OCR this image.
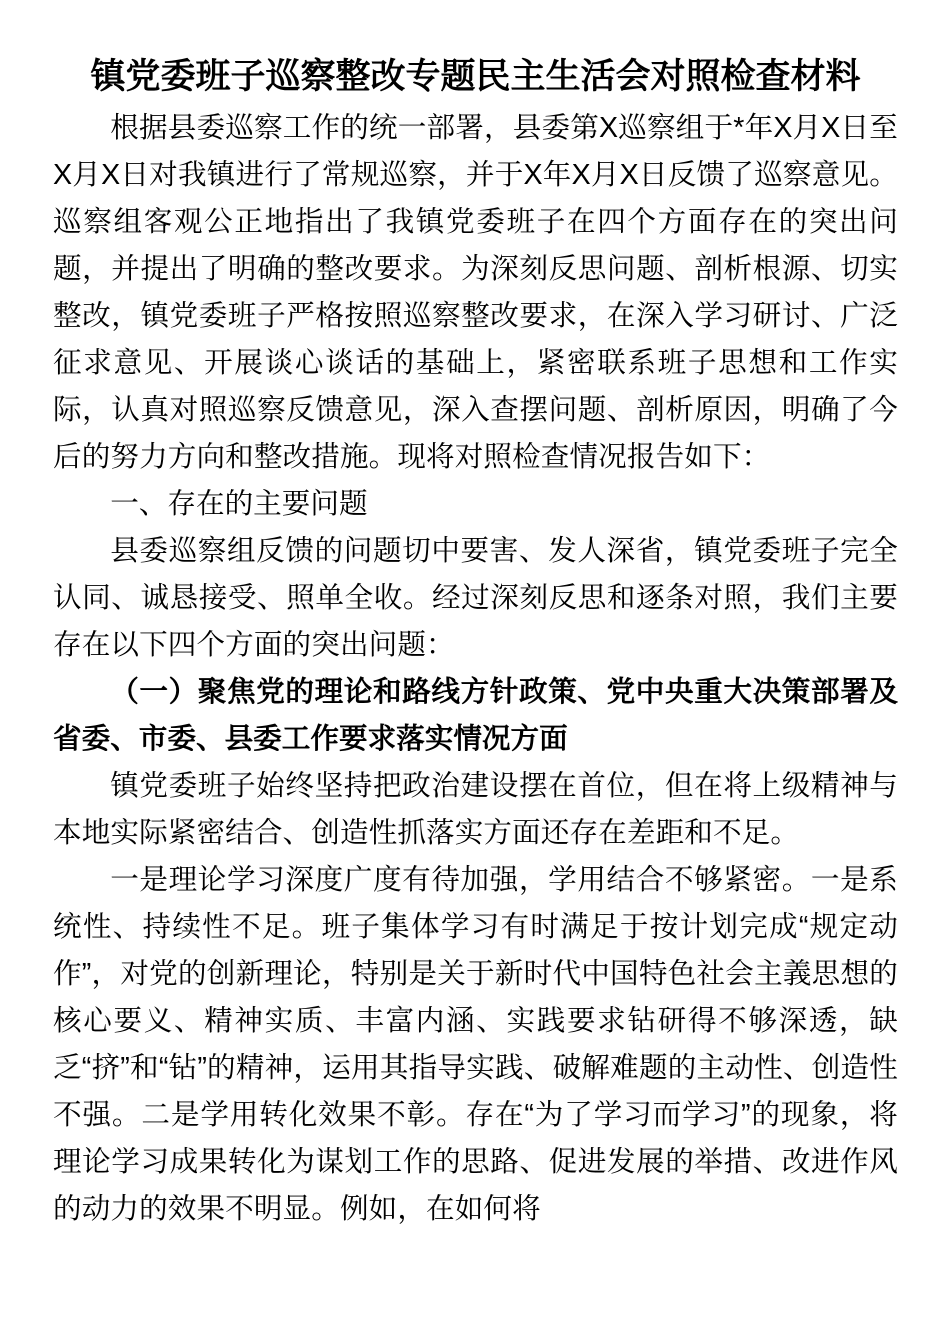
镇党委班子巡察整改专题民主生活会对照检查材料

根据县委巡察工作的统一部署，县委第X巡察组于*年X月X日至X月X日对我镇进行了常规巡察，并于X年X月X日反馈了巡察意见。巡察组客观公正地指出了我镇党委班子在四个方面存在的突出问题，并提出了明确的整改要求。为深刻反思问题、剖析根源、切实整改，镇党委班子严格按照巡察整改要求，在深入学习研讨、广泛征求意见、开展谈心谈话的基础上，紧密联系班子思想和工作实际，认真对照巡察反馈意见，深入查摆问题、剖析原因，明确了今后的努力方向和整改措施。现将对照检查情况报告如下：

一、存在的主要问题

县委巡察组反馈的问题切中要害、发人深省，镇党委班子完全认同、诚恳接受、照单全收。经过深刻反思和逐条对照，我们主要存在以下四个方面的突出问题：

（一）聚焦党的理论和路线方针政策、党中央重大决策部署及省委、市委、县委工作要求落实情况方面

镇党委班子始终坚持把政治建设摆在首位，但在将上级精神与本地实际紧密结合、创造性抓落实方面还存在差距和不足。

一是理论学习深度广度有待加强，学用结合不够紧密。一是系统性、持续性不足。班子集体学习有时满足于按计划完成“规定动作”，对党的创新理论，特别是关于新时代中国特色社会主義思想的核心要义、精神实质、丰富内涵、实践要求钻研得不够深透，缺乏“挤”和“钻”的精神，运用其指导实践、破解难题的主动性、创造性不强。二是学用转化效果不彰。存在“为了学习而学习”的现象，将理论学习成果转化为谋划工作的思路、促进发展的举措、改进作风的动力的效果不明显。例如，在如何将
